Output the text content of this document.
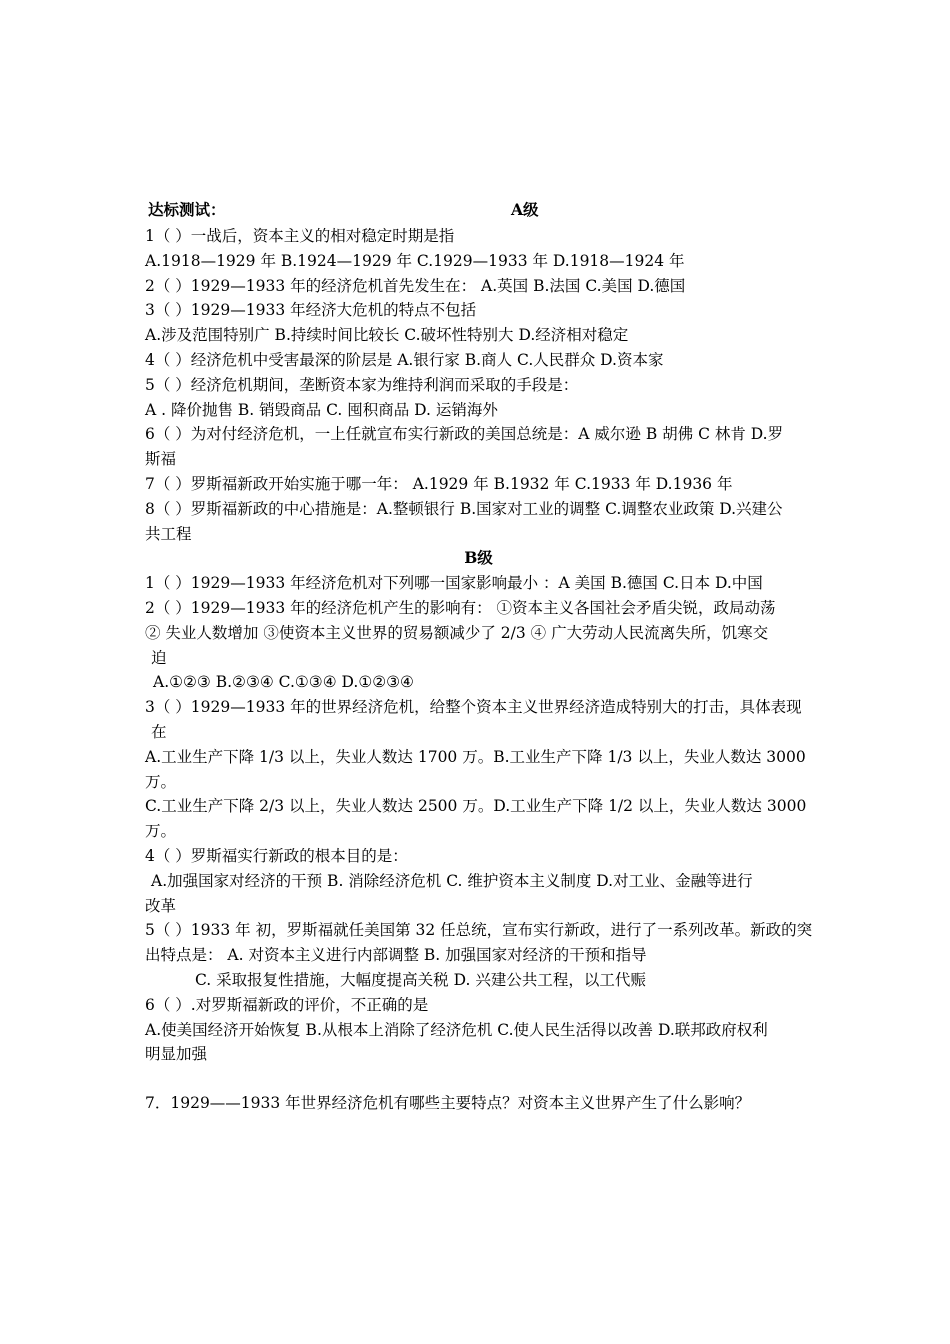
达标测试：	A级
1（ ）一战后，资本主义的相对稳定时期是指
A.1918—1929 年 B.1924—1929 年 C.1929—1933 年 D.1918—1924 年
2（ ）1929—1933 年的经济危机首先发生在： A.英国 B.法国 C.美国 D.德国
3（ ）1929—1933 年经济大危机的特点不包括
A.涉及范围特别广 B.持续时间比较长 C.破坏性特别大 D.经济相对稳定
4（ ）经济危机中受害最深的阶层是 A.银行家 B.商人 C.人民群众 D.资本家
5（ ）经济危机期间，垄断资本家为维持利润而采取的手段是：
A . 降价抛售 B. 销毁商品 C. 囤积商品 D. 运销海外
6（ ）为对付经济危机，一上任就宣布实行新政的美国总统是：A 威尔逊 B 胡佛 C 林肯 D.罗
斯福
7（ ）罗斯福新政开始实施于哪一年： A.1929 年 B.1932 年 C.1933 年 D.1936 年
8（ ）罗斯福新政的中心措施是：A.整顿银行 B.国家对工业的调整 C.调整农业政策 D.兴建公
共工程
B级
1（ ）1929—1933 年经济危机对下列哪一国家影响最小 ：A 美国 B.德国 C.日本 D.中国
2（ ）1929—1933 年的经济危机产生的影响有： ①资本主义各国社会矛盾尖锐，政局动荡
② 失业人数增加 ③使资本主义世界的贸易额减少了 2/3 ④ 广大劳动人民流离失所，饥寒交
迫
A.①②③ B.②③④ C.①③④ D.①②③④
3（ ）1929—1933 年的世界经济危机，给整个资本主义世界经济造成特别大的打击，具体表现
在
A.工业生产下降 1/3 以上，失业人数达 1700 万。B.工业生产下降 1/3 以上，失业人数达 3000
万。
C.工业生产下降 2/3 以上，失业人数达 2500 万。D.工业生产下降 1/2 以上，失业人数达 3000
万。
4（ ）罗斯福实行新政的根本目的是：
A.加强国家对经济的干预 B. 消除经济危机 C. 维护资本主义制度 D.对工业、金融等进行
改革
5（ ）1933 年 初，罗斯福就任美国第 32 任总统，宣布实行新政，进行了一系列改革。新政的突
出特点是： A. 对资本主义进行内部调整 B. 加强国家对经济的干预和指导
C. 采取报复性措施，大幅度提高关税 D. 兴建公共工程，以工代赈
6（ ）.对罗斯福新政的评价，不正确的是
A.使美国经济开始恢复 B.从根本上消除了经济危机 C.使人民生活得以改善 D.联邦政府权利
明显加强
7．1929——1933 年世界经济危机有哪些主要特点？对资本主义世界产生了什么影响？
